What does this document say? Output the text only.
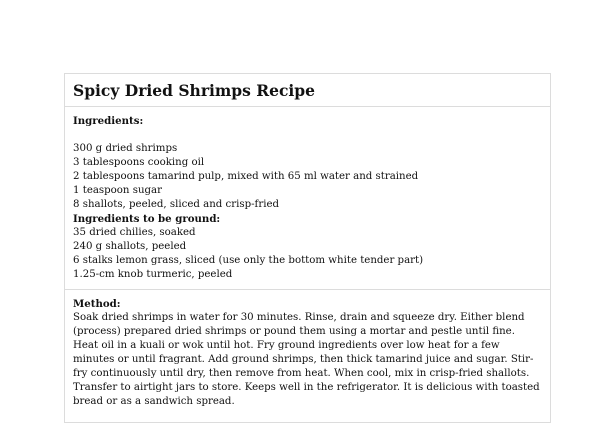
Spicy Dried Shrimps Recipe
Ingredients:
300 g dried shrimps
3 tablespoons cooking oil
2 tablespoons tamarind pulp, mixed with 65 ml water and strained
1 teaspoon sugar
8 shallots, peeled, sliced and crisp-fried
Ingredients to be ground:
35 dried chilies, soaked
240 g shallots, peeled
6 stalks lemon grass, sliced (use only the bottom white tender part)
1.25-cm knob turmeric, peeled
Method:

Soak dried shrimps in water for 30 minutes. Rinse, drain and squeeze dry. Either blend (process) prepared dried shrimps or pound them using a mortar and pestle until fine. Heat oil in a kuali or wok until hot. Fry ground ingredients over low heat for a few minutes or until fragrant. Add ground shrimps, then thick tamarind juice and sugar. Stir-fry continuously until dry, then remove from heat. When cool, mix in crisp-fried shallots. Transfer to airtight jars to store. Keeps well in the refrigerator. It is delicious with toasted bread or as a sandwich spread.
